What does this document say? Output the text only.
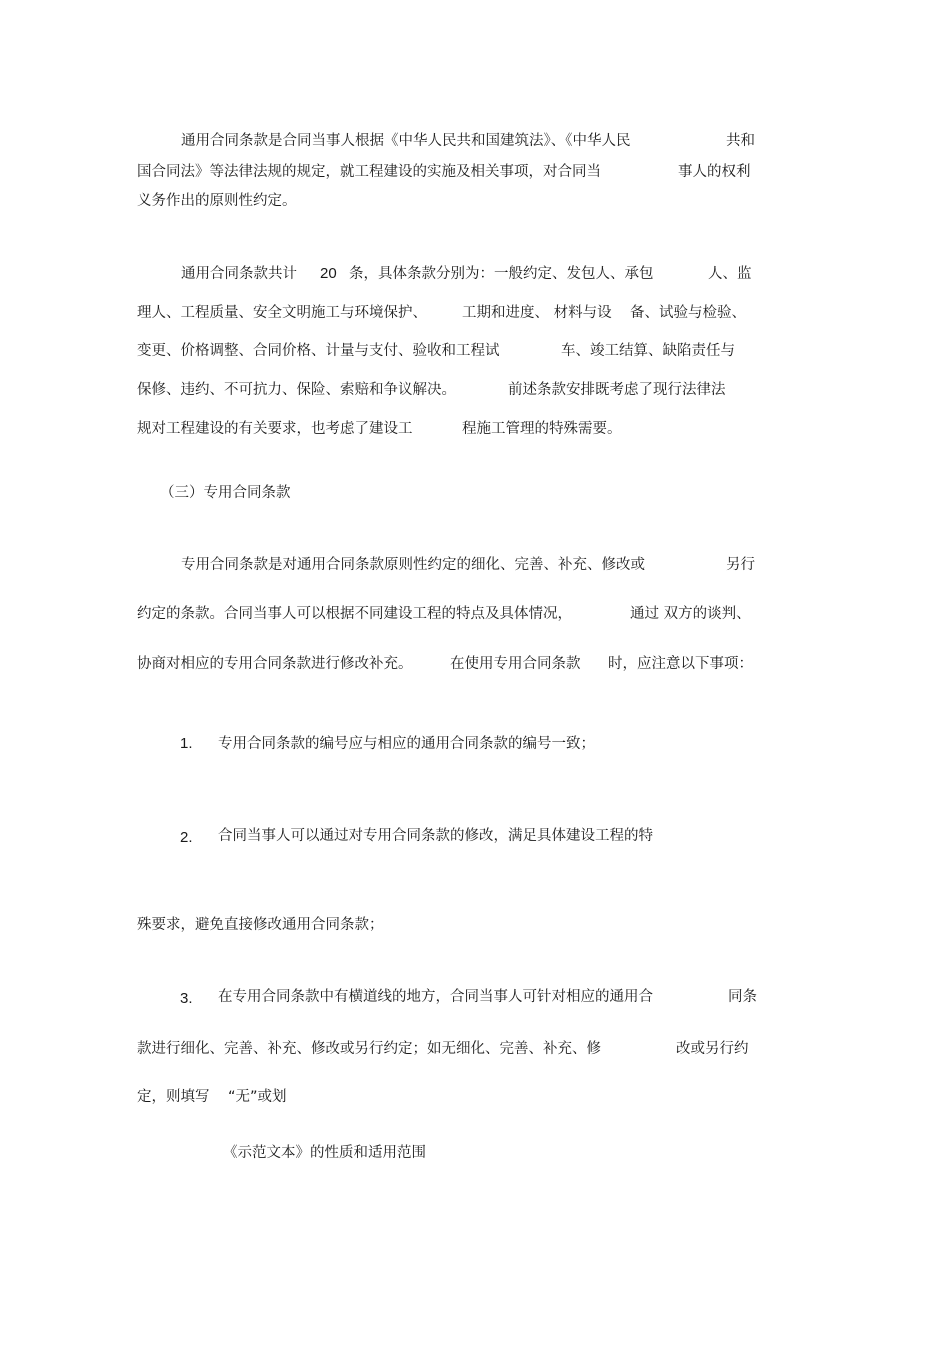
通用合同条款是合同当事人根据《中华人民共和国建筑法》、《中华人民	共和
国合同法》等法律法规的规定，就工程建设的实施及相关事项，对合同当	事人的权利
义务作出的原则性约定。
通用合同条款共计 20 条，具体条款分别为：一般约定、发包人、承包	人、监
理人、工程质量、安全文明施工与环境保护、 工期和进度、 材料与设 备、试验与检验、
变更、价格调整、合同价格、计量与支付、验收和工程试	车、竣工结算、缺陷责任与
保修、违约、不可抗力、保险、索赔和争议解决。	前述条款安排既考虑了现行法律法
规对工程建设的有关要求，也考虑了建设工	程施工管理的特殊需要。
（三）专用合同条款
专用合同条款是对通用合同条款原则性约定的细化、完善、补充、修改或	另行
约定的条款。合同当事人可以根据不同建设工程的特点及具体情况，	通过 双方的谈判、
协商对相应的专用合同条款进行修改补充。	在使用专用合同条款 时，应注意以下事项：
1. 专用合同条款的编号应与相应的通用合同条款的编号一致；
2. 合同当事人可以通过对专用合同条款的修改，满足具体建设工程的特
殊要求，避免直接修改通用合同条款；
3. 在专用合同条款中有横道线的地方，合同当事人可针对相应的通用合	同条
款进行细化、完善、补充、修改或另行约定；如无细化、完善、补充、修	改或另行约
定，则填写 “无”或划
《示范文本》的性质和适用范围
